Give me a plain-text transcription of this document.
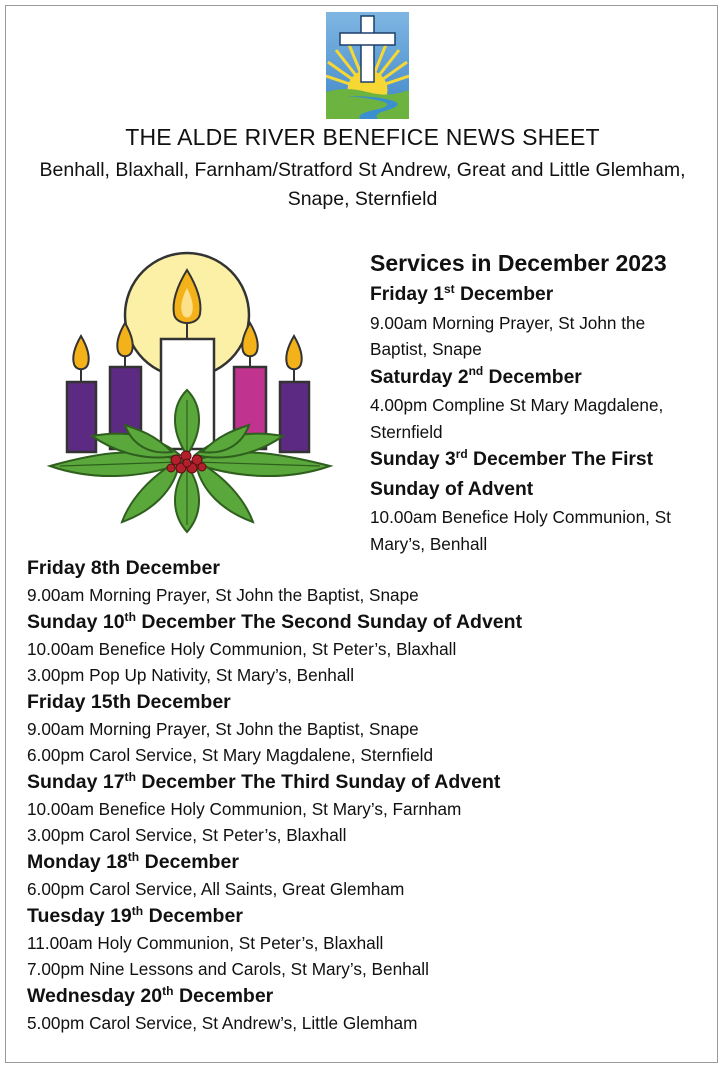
THE ALDE RIVER BENEFICE NEWS SHEET
Benhall, Blaxhall, Farnham/Stratford St Andrew, Great and Little Glemham, Snape, Sternfield
Services in December 2023
Friday 1st December
9.00am Morning Prayer, St John the
Baptist, Snape
Saturday 2nd December
4.00pm Compline St Mary Magdalene,
Sternfield
Sunday 3rd December The First
Sunday of Advent
10.00am Benefice Holy Communion, St
Mary’s, Benhall
Friday 8th December
9.00am Morning Prayer, St John the Baptist, Snape
Sunday 10th December The Second Sunday of Advent
10.00am Benefice Holy Communion, St Peter’s, Blaxhall
3.00pm Pop Up Nativity, St Mary’s, Benhall
Friday 15th December
9.00am Morning Prayer, St John the Baptist, Snape
6.00pm Carol Service, St Mary Magdalene, Sternfield
Sunday 17th December The Third Sunday of Advent
10.00am Benefice Holy Communion, St Mary’s, Farnham
3.00pm Carol Service, St Peter’s, Blaxhall
Monday 18th December
6.00pm Carol Service, All Saints, Great Glemham
Tuesday 19th December
11.00am Holy Communion, St Peter’s, Blaxhall
7.00pm Nine Lessons and Carols, St Mary’s, Benhall
Wednesday 20th December
5.00pm Carol Service, St Andrew’s, Little Glemham
